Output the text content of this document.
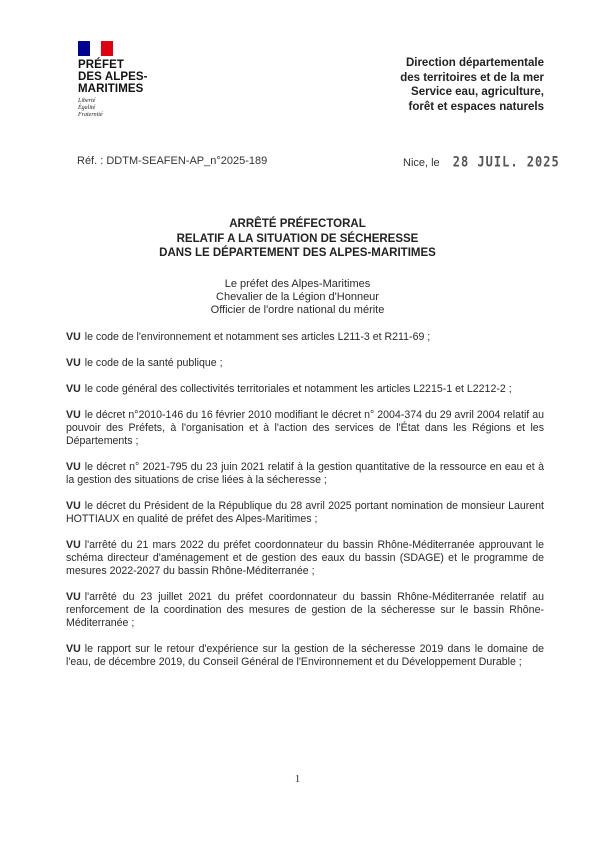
PRÉFET
DES ALPES-
MARITIMES
Liberté
Égalité
Fraternité
Direction départementale
des territoires et de la mer
Service eau, agriculture,
forêt et espaces naturels
Réf. : DDTM-SEAFEN-AP_n°2025-189	Nice, le 28 JUIL. 2025
ARRÊTÉ PRÉFECTORAL
RELATIF A LA SITUATION DE SÉCHERESSE
DANS LE DÉPARTEMENT DES ALPES-MARITIMES
Le préfet des Alpes-Maritimes
Chevalier de la Légion d'Honneur
Officier de l'ordre national du mérite

VU le code de l'environnement et notamment ses articles L211-3 et R211-69 ;

VU le code de la santé publique ;

VU le code général des collectivités territoriales et notamment les articles L2215-1 et L2212-2 ;

VU le décret n°2010-146 du 16 février 2010 modifiant le décret n° 2004-374 du 29 avril 2004 relatif au pouvoir des Préfets, à l'organisation et à l'action des services de l'État dans les Régions et les Départements ;

VU le décret n° 2021-795 du 23 juin 2021 relatif à la gestion quantitative de la ressource en eau et à la gestion des situations de crise liées à la sécheresse ;

VU le décret du Président de la République du 28 avril 2025 portant nomination de monsieur Laurent HOTTIAUX en qualité de préfet des Alpes-Maritimes ;

VU l'arrêté du 21 mars 2022 du préfet coordonnateur du bassin Rhône-Méditerranée approuvant le schéma directeur d'aménagement et de gestion des eaux du bassin (SDAGE) et le programme de mesures 2022-2027 du bassin Rhône-Méditerranée ;

VU l'arrêté du 23 juillet 2021 du préfet coordonnateur du bassin Rhône-Méditerranée relatif au renforcement de la coordination des mesures de gestion de la sécheresse sur le bassin Rhône-Méditerranée ;

VU le rapport sur le retour d'expérience sur la gestion de la sécheresse 2019 dans le domaine de l'eau, de décembre 2019, du Conseil Général de l'Environnement et du Développement Durable ;

1
